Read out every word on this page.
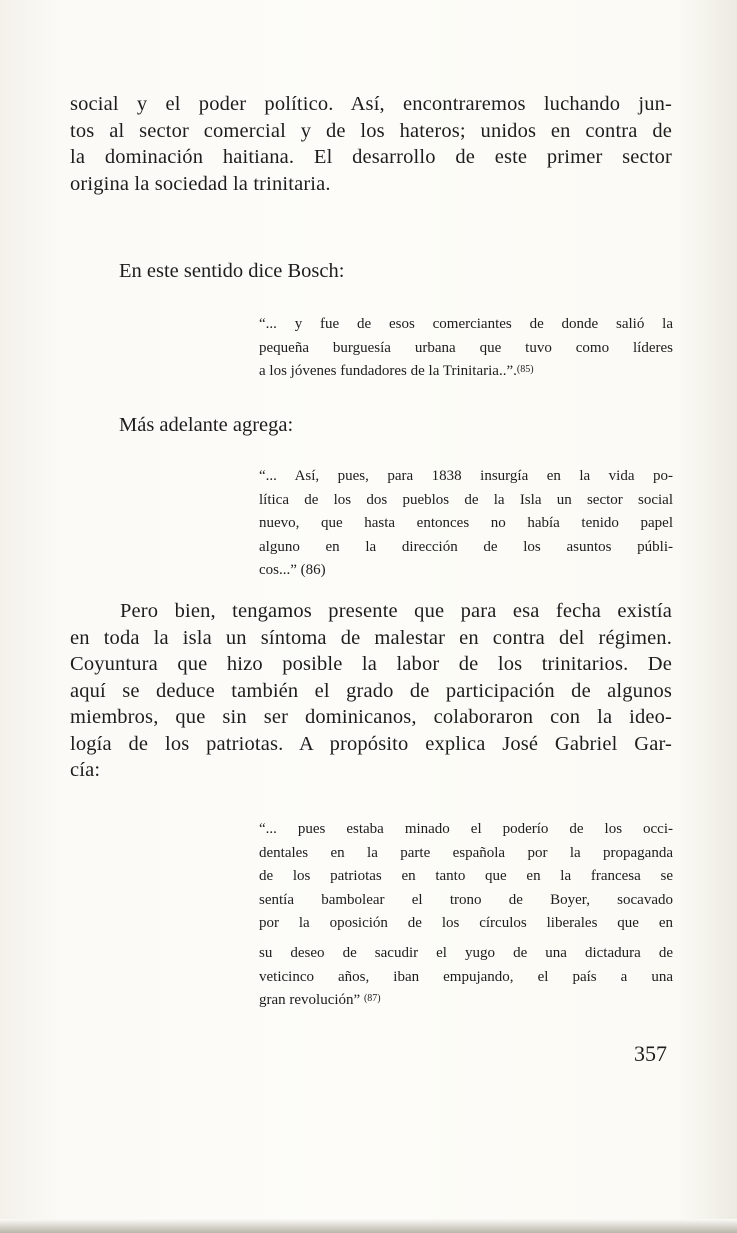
social y el poder político. Así, encontraremos luchando jun-
tos al sector comercial y de los hateros; unidos en contra de
la dominación haitiana. El desarrollo de este primer sector
origina la sociedad la trinitaria.
En este sentido dice Bosch:
“... y fue de esos comerciantes de donde salió la
pequeña burguesía urbana que tuvo como líderes
a los jóvenes fundadores de la Trinitaria..”.$^{(85)}$
Más adelante agrega:
“... Así, pues, para 1838 insurgía en la vida po-
lítica de los dos pueblos de la Isla un sector social
nuevo, que hasta entonces no había tenido papel
alguno en la dirección de los asuntos públi-
cos...” (86)
Pero bien, tengamos presente que para esa fecha existía
en toda la isla un síntoma de malestar en contra del régimen.
Coyuntura que hizo posible la labor de los trinitarios. De
aquí se deduce también el grado de participación de algunos
miembros, que sin ser dominicanos, colaboraron con la ideo-
logía de los patriotas. A propósito explica José Gabriel Gar-
cía:
“... pues estaba minado el poderío de los occi-
dentales en la parte española por la propaganda
de los patriotas en tanto que en la francesa se
sentía bambolear el trono de Boyer, socavado
por la oposición de los círculos liberales que en
su deseo de sacudir el yugo de una dictadura de
veticinco años, iban empujando, el país a una
gran revolución” $^{(87)}$
357
